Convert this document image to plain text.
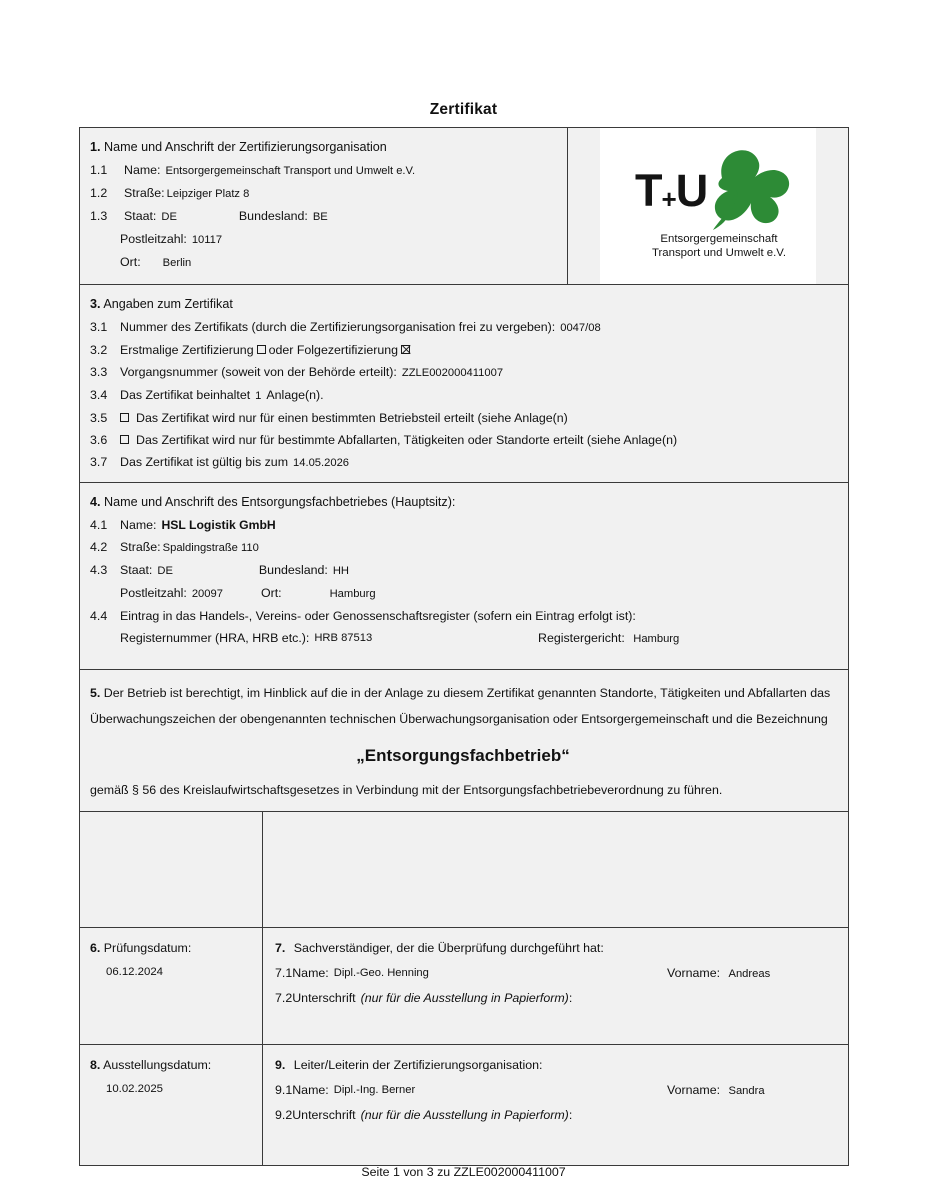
Zertifikat
1. Name und Anschrift der Zertifizierungsorganisation
1.1	Name: Entsorgergemeinschaft Transport und Umwelt e.V.
1.2	Straße: Leipziger Platz 8
1.3	Staat: DE	Bundesland: BE
Postleitzahl: 10117
Ort: Berlin
T+U
Entsorgergemeinschaft
Transport und Umwelt e.V.
3. Angaben zum Zertifikat
3.1	Nummer des Zertifikats (durch die Zertifizierungsorganisation frei zu vergeben): 0047/08
3.2	Erstmalige Zertifizierung oder Folgezertifizierung
3.3	Vorgangsnummer (soweit von der Behörde erteilt): ZZLE002000411007
3.4	Das Zertifikat beinhaltet 1 Anlage(n).
3.5	Das Zertifikat wird nur für einen bestimmten Betriebsteil erteilt (siehe Anlage(n)
3.6	Das Zertifikat wird nur für bestimmte Abfallarten, Tätigkeiten oder Standorte erteilt (siehe Anlage(n)
3.7	Das Zertifikat ist gültig bis zum 14.05.2026
4. Name und Anschrift des Entsorgungsfachbetriebes (Hauptsitz):
4.1	Name: HSL Logistik GmbH
4.2	Straße: Spaldingstraße 110
4.3	Staat: DE	Bundesland: HH
Postleitzahl: 20097	Ort:	Hamburg
4.4	Eintrag in das Handels-, Vereins- oder Genossenschaftsregister (sofern ein Eintrag erfolgt ist):
Registernummer (HRA, HRB etc.): HRB 87513	Registergericht: Hamburg
5. Der Betrieb ist berechtigt, im Hinblick auf die in der Anlage zu diesem Zertifikat genannten Standorte, Tätigkeiten und Abfallarten das Überwachungszeichen der obengenannten technischen Überwachungsorganisation oder Entsorgergemeinschaft und die Bezeichnung
„Entsorgungsfachbetrieb“
gemäß § 56 des Kreislaufwirtschaftsgesetzes in Verbindung mit der Entsorgungsfachbetriebeverordnung zu führen.
6. Prüfungsdatum:
06.12.2024
7. Sachverständiger, der die Überprüfung durchgeführt hat:
7.1 Name: Dipl.-Geo. Henning	Vorname: Andreas
7.2 Unterschrift (nur für die Ausstellung in Papierform) :
8. Ausstellungsdatum:
10.02.2025
9. Leiter/Leiterin der Zertifizierungsorganisation:
9.1 Name: Dipl.-Ing. Berner	Vorname: Sandra
9.2 Unterschrift (nur für die Ausstellung in Papierform) :
Seite 1 von 3 zu ZZLE002000411007
